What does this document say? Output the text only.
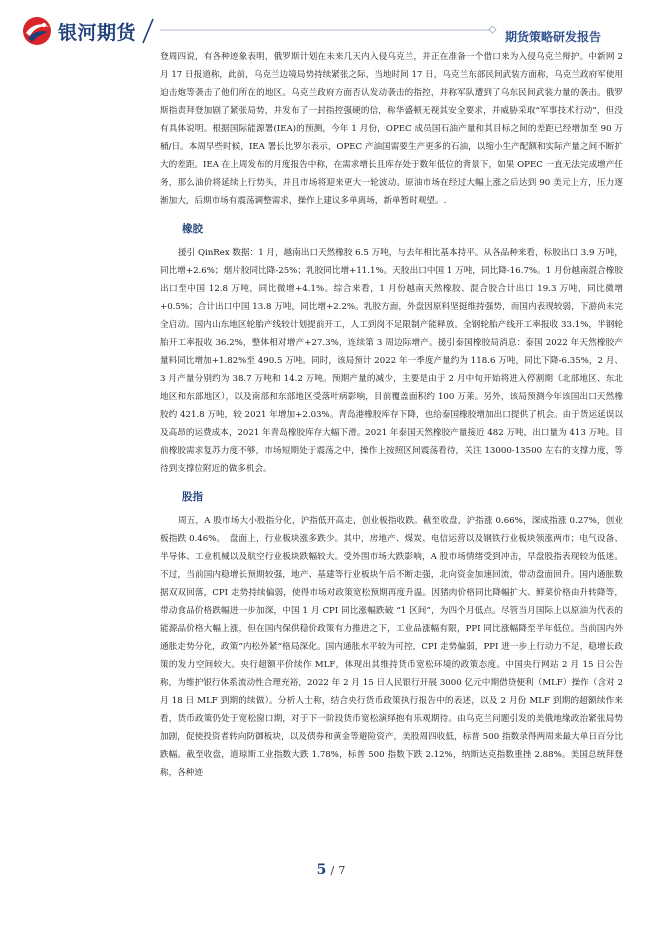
银河期货	期货策略研发报告

登周四说，有各种迹象表明，俄罗斯计划在未来几天内入侵乌克兰，并正在准备一个借口来为入侵乌克兰辩护。中新网 2 月 17 日报道称，此前，乌克兰边境局势持续紧张之际，当地时间 17 日，乌克兰东部民间武装方面称，乌克兰政府军使用迫击炮等袭击了他们所在的地区。乌克兰政府方面否认发动袭击的指控，并称军队遭到了乌东民间武装力量的袭击。俄罗斯指责拜登加剧了紧张局势，并发布了一封指控强硬的信，称华盛顿无视其安全要求，并威胁采取“军事技术行动”，但没有具体说明。根据国际能源署(IEA)的预测，今年 1 月份，OPEC 成员国石油产量和其目标之间的差距已经增加至 90 万桶/日。本周早些时候，IEA 署长比罗尔表示，OPEC 产油国需要生产更多的石油，以缩小生产配额和实际产量之间不断扩大的差距。IEA 在上周发布的月度报告中称，在需求增长且库存处于数年低位的背景下，如果 OPEC 一直无法完成增产任务，那么油价将延续上行势头，并且市场将迎来更大一轮波动。原油市场在经过大幅上涨之后达到 90 美元上方，压力逐渐加大，后期市场有震荡调整需求，操作上建议多单离场，新单暂时观望。.

橡胶

援引 QinRex 数据：1 月，越南出口天然橡胶 6.5 万吨，与去年相比基本持平。从各品种来看，标胶出口 3.9 万吨，同比增+2.6%；烟片胶同比降-25%；乳胶同比增+11.1%。天胶出口中国 1 万吨，同比降-16.7%。1 月份越南混合橡胶出口至中国 12.8 万吨，同比微增+4.1%。综合来看，1 月份越南天然橡胶、混合胶合计出口 19.3 万吨，同比微增+0.5%；合计出口中国 13.8 万吨，同比增+2.2%。乳胶方面，外盘因原料坚挺维持强势，而国内表现较弱，下游尚未完全启动。国内山东地区轮胎产线较计划提前开工，人工到岗不足限制产能释放。全钢轮胎产线开工率报收 33.1%，半钢轮胎开工率报收 36.2%，整体相对增产+27.3%，连续第 3 周边际增产。援引泰国橡胶局消息：泰国 2022 年天然橡胶产量料同比增加+1.82%至 490.5 万吨。同时，该局预计 2022 年一季度产量约为 118.6 万吨，同比下降-6.35%，2 月、3 月产量分别约为 38.7 万吨和 14.2 万吨。预期产量的减少，主要是由于 2 月中旬开始将进入停割期（北部地区、东北地区和东部地区），以及南部和东部地区受落叶病影响，目前覆盖面积约 100 万莱。另外，该局预测今年该国出口天然橡胶约 421.8 万吨，较 2021 年增加+2.03%。青岛港橡胶库存下降，也给泰国橡胶增加出口提供了机会。由于货运延误以及高昂的运费成本，2021 年青岛橡胶库存大幅下滑。2021 年泰国天然橡胶产量接近 482 万吨，出口量为 413 万吨。目前橡胶需求复苏力度不够，市场短期处于震荡之中，操作上按照区间震荡看待，关注 13000-13500 左右的支撑力度，等待到支撑位附近的做多机会。

股指

周五，A 股市场大小股指分化，沪指低开高走，创业板指收跌。截至收盘，沪指涨 0.66%，深成指涨 0.27%，创业板指跌 0.46%。　盘面上，行业板块涨多跌少。其中，房地产、煤炭、电信运营以及钢铁行业板块领涨两市；电气设备、半导体、工业机械以及航空行业板块跌幅较大。受外围市场大跌影响，A 股市场情绪受到冲击，早盘股指表现较为低迷。不过，当前国内稳增长预期较强，地产、基建等行业板块午后不断走强，北向资金加速回流，带动盘面回升。国内通胀数据双双回落，CPI 走势持续偏弱，使得市场对政策宽松预期再度升温。因猪肉价格同比降幅扩大、鲜菜价格由升转降等，带动食品价格跌幅进一步加深，中国 1 月 CPI 同比涨幅跌破 “1 区间”，为四个月低点。尽管当月国际上以原油为代表的能源品价格大幅上涨，但在国内保供稳价政策有力推进之下，工业品涨幅有限，PPI 同比涨幅降至半年低位。当前国内外通胀走势分化，政策“内松外紧”格局深化。国内通胀水平较为可控，CPI 走势偏弱，PPI 进一步上行动力不足，稳增长政策的发力空间较大。央行超额平价续作 MLF，体现出其维持货币宽松环境的政策态度。中国央行网站 2 月 15 日公告称，为维护银行体系流动性合理充裕，2022 年 2 月 15 日人民银行开展 3000 亿元中期借贷便利（MLF）操作（含对 2 月 18 日 MLF 到期的续做）。分析人士称，结合央行货币政策执行报告中的表述，以及 2 月份 MLF 到期的超额续作来看，货币政策仍处于宽松窗口期，对于下一阶段货币宽松演绎抱有乐观期待。由乌克兰问题引发的美俄地缘政治紧张局势加剧，促使投资者转向防御板块，以及债券和黄金等避险资产，美股周四收低，标普 500 指数录得两周来最大单日百分比跌幅。截至收盘，道琼斯工业指数大跌 1.78%，标普 500 指数下跌 2.12%，纳斯达克指数重挫 2.88%。美国总统拜登称，各种迹

5 / 7
